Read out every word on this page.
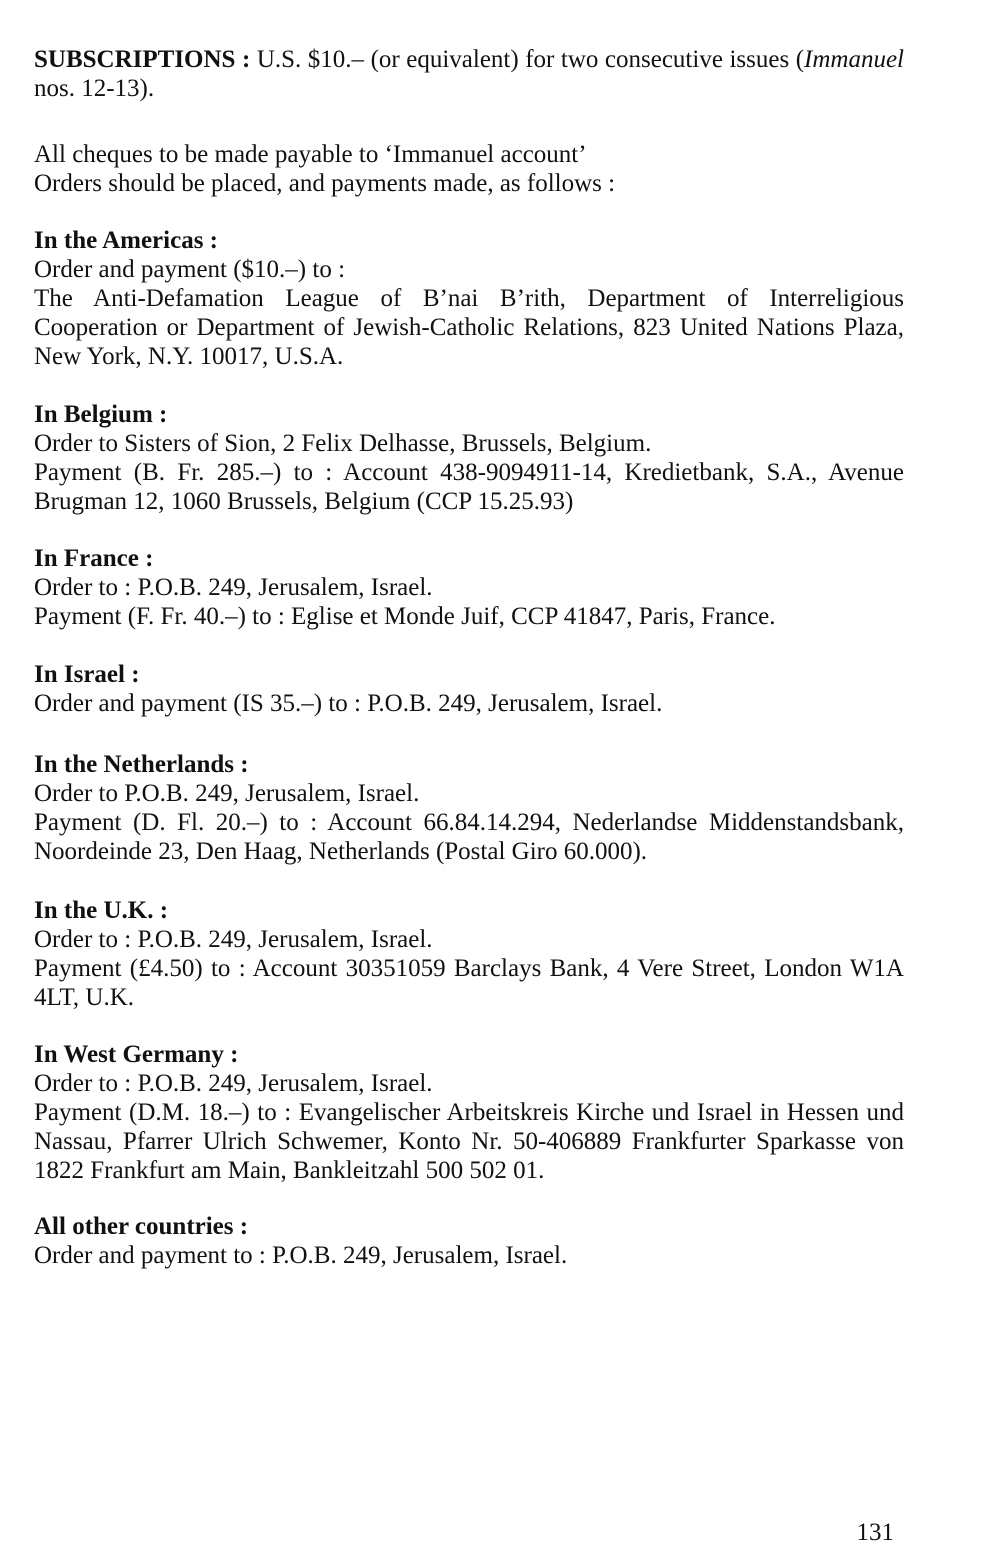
SUBSCRIPTIONS : U.S. $10.– (or equivalent) for two consecutive issues (Immanuel nos. 12-13).

All cheques to be made payable to ‘Immanuel account’

Orders should be placed, and payments made, as follows :

In the Americas :

Order and payment ($10.–) to :

The Anti-Defamation League of B’nai B’rith, Department of Interreligious Cooperation or Department of Jewish-Catholic Relations, 823 United Nations Plaza, New York, N.Y. 10017, U.S.A.

In Belgium :

Order to Sisters of Sion, 2 Felix Delhasse, Brussels, Belgium.

Payment (B. Fr. 285.–) to : Account 438-9094911-14, Kredietbank, S.A., Avenue Brugman 12, 1060 Brussels, Belgium (CCP 15.25.93)

In France :

Order to : P.O.B. 249, Jerusalem, Israel.

Payment (F. Fr. 40.–) to : Eglise et Monde Juif, CCP 41847, Paris, France.

In Israel :

Order and payment (IS 35.–) to : P.O.B. 249, Jerusalem, Israel.

In the Netherlands :

Order to P.O.B. 249, Jerusalem, Israel.

Payment (D. Fl. 20.–) to : Account 66.84.14.294, Nederlandse Middenstandsbank, Noordeinde 23, Den Haag, Netherlands (Postal Giro 60.000).

In the U.K. :

Order to : P.O.B. 249, Jerusalem, Israel.

Payment (£4.50) to : Account 30351059 Barclays Bank, 4 Vere Street, London W1A 4LT, U.K.

In West Germany :

Order to : P.O.B. 249, Jerusalem, Israel.

Payment (D.M. 18.–) to : Evangelischer Arbeitskreis Kirche und Israel in Hessen und Nassau, Pfarrer Ulrich Schwemer, Konto Nr. 50-406889 Frankfurter Sparkasse von 1822 Frankfurt am Main, Bankleitzahl 500 502 01.

All other countries :

Order and payment to : P.O.B. 249, Jerusalem, Israel.

131
